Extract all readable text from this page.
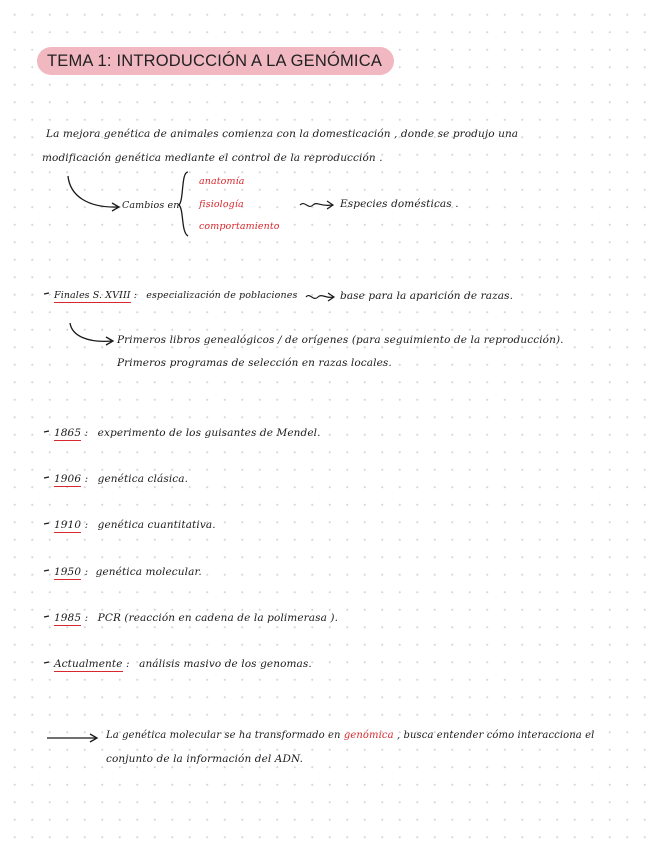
TEMA 1: INTRODUCCIÓN A LA GENÓMICA
La mejora genética de animales comienza con la domesticación , donde se produjo una
modificación genética mediante el control de la reproducción .
Cambios en
anatomía
fisiología
comportamiento
Especies domésticas .
Finales S. XVIII : especialización de poblaciones	base para la aparición de razas.
Primeros libros genealógicos / de orígenes (para seguimiento de la reproducción).
Primeros programas de selección en razas locales.
1865 : experimento de los guisantes de Mendel.
1906 : genética clásica.
1910 : genética cuantitativa.
1950 : genética molecular.
1985 : PCR (reacción en cadena de la polimerasa ).
Actualmente : análisis masivo de los genomas.
La genética molecular se ha transformado en genómica , busca entender cómo interacciona el
conjunto de la información del ADN.
